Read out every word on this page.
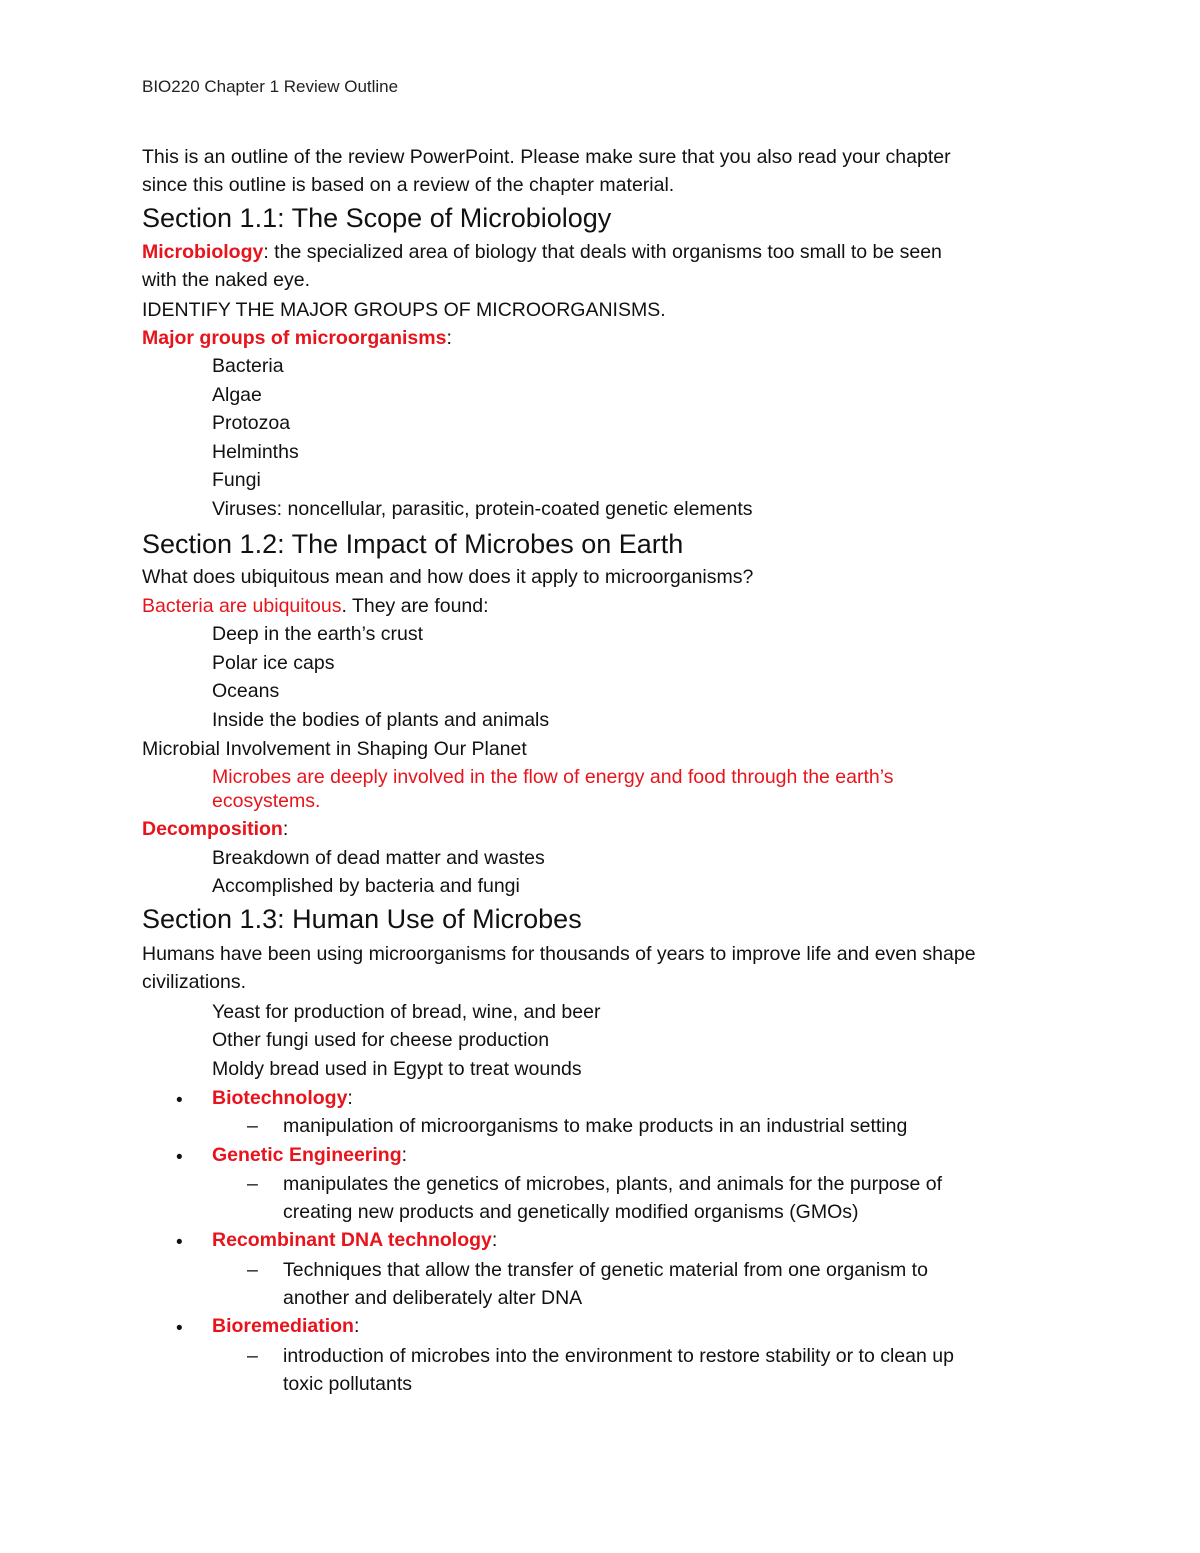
BIO220 Chapter 1 Review Outline
This is an outline of the review PowerPoint. Please make sure that you also read your chapter
since this outline is based on a review of the chapter material.
Section 1.1: The Scope of Microbiology
Microbiology: the specialized area of biology that deals with organisms too small to be seen
with the naked eye.
IDENTIFY THE MAJOR GROUPS OF MICROORGANISMS.
Major groups of microorganisms:
Bacteria
Algae
Protozoa
Helminths
Fungi
Viruses: noncellular, parasitic, protein-coated genetic elements
Section 1.2: The Impact of Microbes on Earth
What does ubiquitous mean and how does it apply to microorganisms?
Bacteria are ubiquitous. They are found:
Deep in the earth’s crust
Polar ice caps
Oceans
Inside the bodies of plants and animals
Microbial Involvement in Shaping Our Planet
Microbes are deeply involved in the flow of energy and food through the earth’s
ecosystems.
Decomposition:
Breakdown of dead matter and wastes
Accomplished by bacteria and fungi
Section 1.3: Human Use of Microbes
Humans have been using microorganisms for thousands of years to improve life and even shape
civilizations.
Yeast for production of bread, wine, and beer
Other fungi used for cheese production
Moldy bread used in Egypt to treat wounds
• Biotechnology:
– manipulation of microorganisms to make products in an industrial setting
• Genetic Engineering:
– manipulates the genetics of microbes, plants, and animals for the purpose of
creating new products and genetically modified organisms (GMOs)
• Recombinant DNA technology:
– Techniques that allow the transfer of genetic material from one organism to
another and deliberately alter DNA
• Bioremediation:
– introduction of microbes into the environment to restore stability or to clean up
toxic pollutants
